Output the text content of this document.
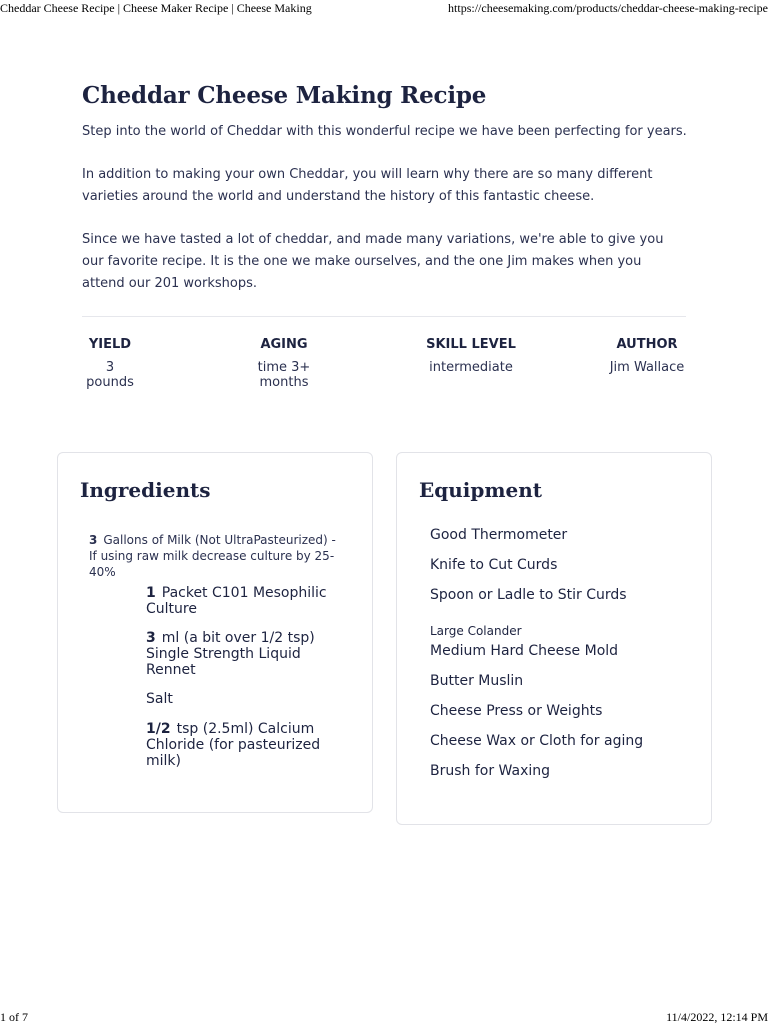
Cheddar Cheese Recipe | Cheese Maker Recipe | Cheese Making	https://cheesemaking.com/products/cheddar-cheese-making-recipe
Cheddar Cheese Making Recipe

Step into the world of Cheddar with this wonderful recipe we have been perfecting for years.

In addition to making your own Cheddar, you will learn why there are so many different varieties around the world and understand the history of this fantastic cheese.

Since we have tasted a lot of cheddar, and made many variations, we're able to give you our favorite recipe. It is the one we make ourselves, and the one Jim makes when you attend our 201 workshops.

YIELD
3 pounds
AGING
time 3+ months
SKILL LEVEL
intermediate
AUTHOR
Jim Wallace
Ingredients
3 Gallons of Milk (Not UltraPasteurized) - If using raw milk decrease culture by 25-40%
1 Packet C101 Mesophilic Culture
3 ml (a bit over 1/2 tsp) Single Strength Liquid Rennet
Salt
1/2 tsp (2.5ml) Calcium Chloride (for pasteurized milk)
Equipment
Good Thermometer
Knife to Cut Curds
Spoon or Ladle to Stir Curds
Large Colander
Medium Hard Cheese Mold
Butter Muslin
Cheese Press or Weights
Cheese Wax or Cloth for aging
Brush for Waxing
1 of 7	11/4/2022, 12:14 PM
